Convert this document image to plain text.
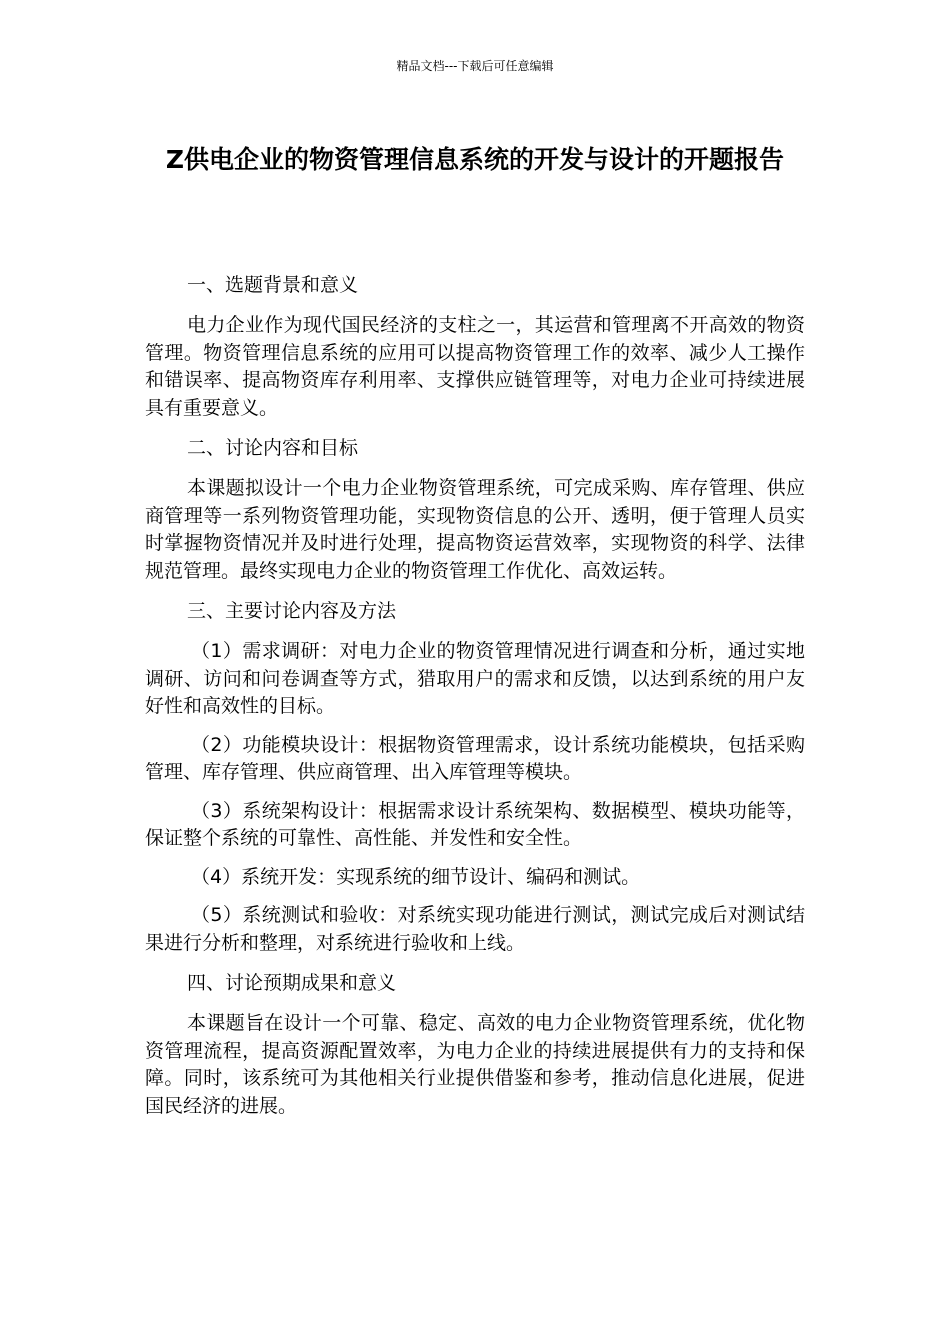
精品文档---下载后可任意编辑
Z供电企业的物资管理信息系统的开发与设计的开题报告
一、选题背景和意义

电力企业作为现代国民经济的支柱之一，其运营和管理离不开高效的物资管理。物资管理信息系统的应用可以提高物资管理工作的效率、减少人工操作和错误率、提高物资库存利用率、支撑供应链管理等，对电力企业可持续进展具有重要意义。

二、讨论内容和目标

本课题拟设计一个电力企业物资管理系统，可完成采购、库存管理、供应商管理等一系列物资管理功能，实现物资信息的公开、透明，便于管理人员实时掌握物资情况并及时进行处理，提高物资运营效率，实现物资的科学、法律规范管理。最终实现电力企业的物资管理工作优化、高效运转。

三、主要讨论内容及方法

（1）需求调研：对电力企业的物资管理情况进行调查和分析，通过实地调研、访问和问卷调查等方式，猎取用户的需求和反馈，以达到系统的用户友好性和高效性的目标。

（2）功能模块设计：根据物资管理需求，设计系统功能模块，包括采购管理、库存管理、供应商管理、出入库管理等模块。

（3）系统架构设计：根据需求设计系统架构、数据模型、模块功能等，保证整个系统的可靠性、高性能、并发性和安全性。

（4）系统开发：实现系统的细节设计、编码和测试。

（5）系统测试和验收：对系统实现功能进行测试，测试完成后对测试结果进行分析和整理，对系统进行验收和上线。

四、讨论预期成果和意义

本课题旨在设计一个可靠、稳定、高效的电力企业物资管理系统，优化物资管理流程，提高资源配置效率，为电力企业的持续进展提供有力的支持和保障。同时，该系统可为其他相关行业提供借鉴和参考，推动信息化进展，促进国民经济的进展。
